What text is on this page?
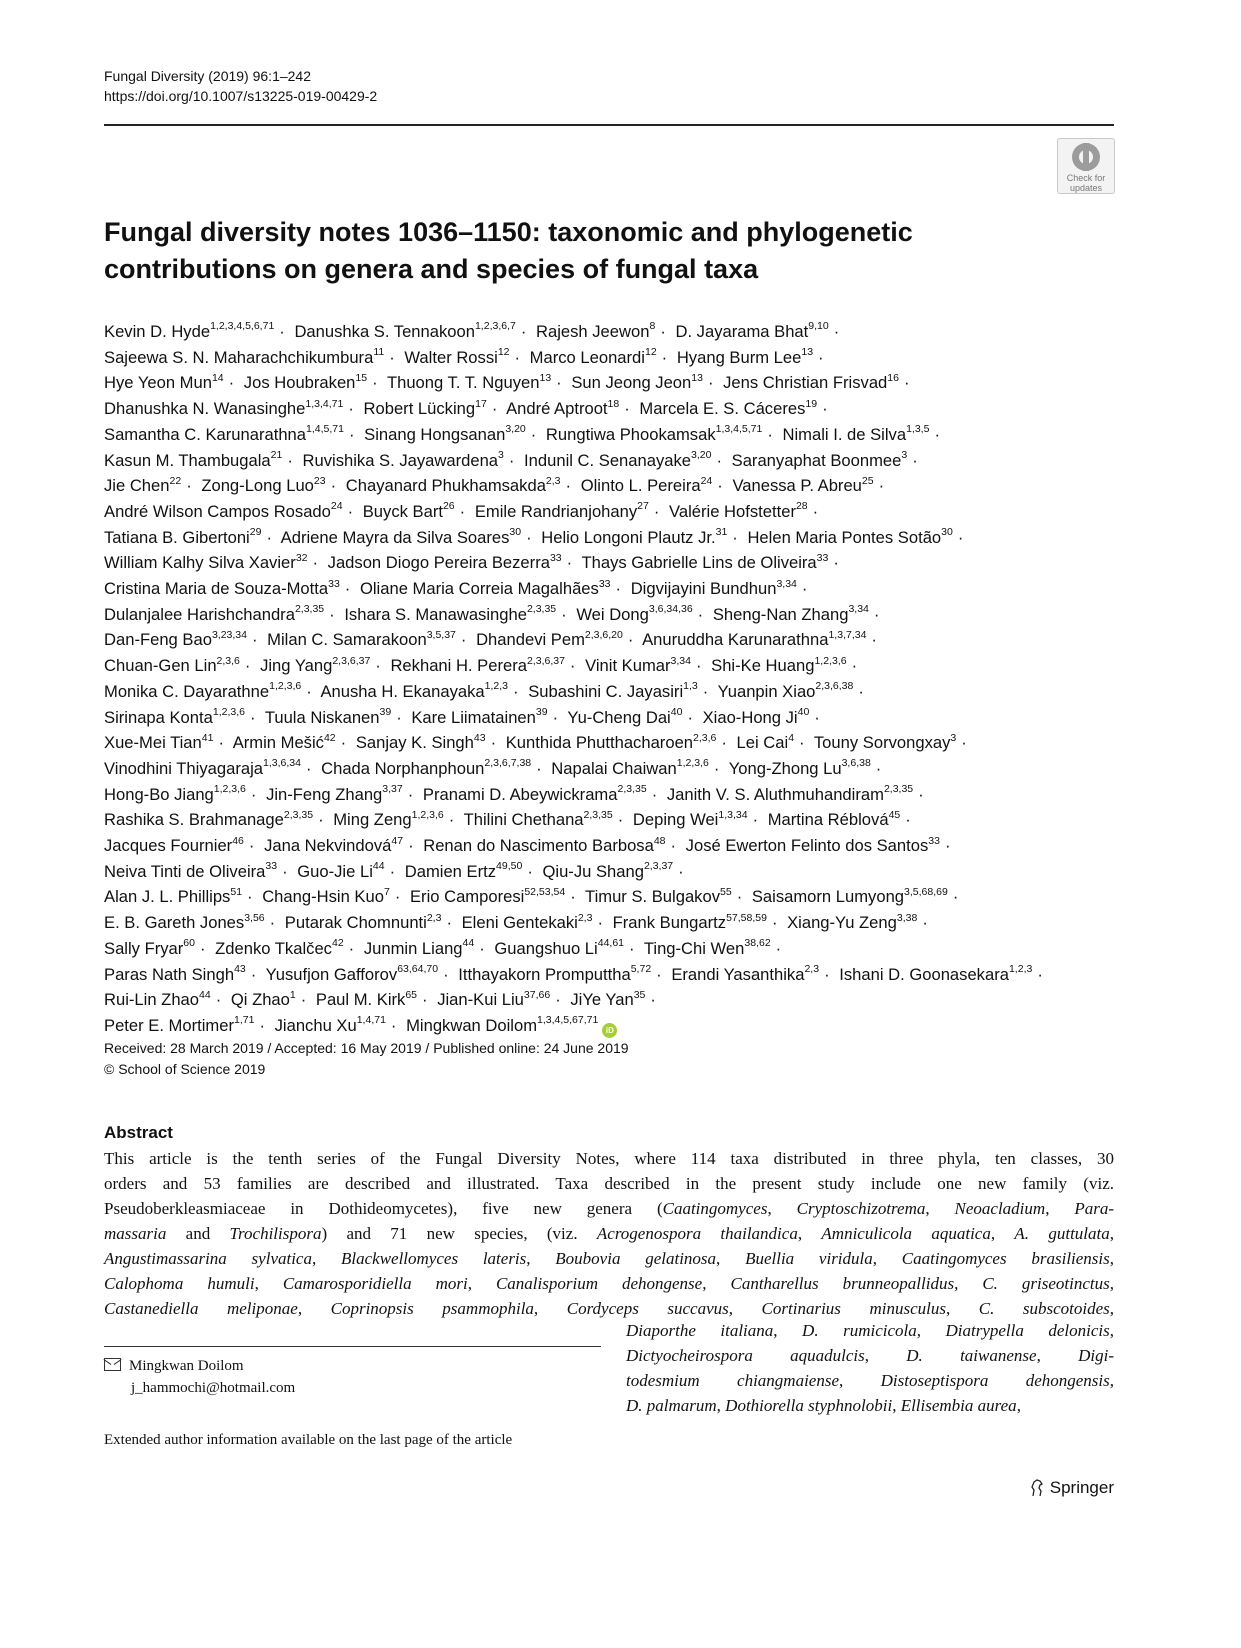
Fungal Diversity (2019) 96:1–242
https://doi.org/10.1007/s13225-019-00429-2
Check for
updates
Fungal diversity notes 1036–1150: taxonomic and phylogenetic
contributions on genera and species of fungal taxa
Kevin D. Hyde$^{1,2,3,4,5,6,71}$ · Danushka S. Tennakoon$^{1,2,3,6,7}$ · Rajesh Jeewon$^8$ · D. Jayarama Bhat$^{9,10}$ ·
Sajeewa S. N. Maharachchikumbura$^{11}$ · Walter Rossi$^{12}$ · Marco Leonardi$^{12}$ · Hyang Burm Lee$^{13}$ ·
Hye Yeon Mun$^{14}$ · Jos Houbraken$^{15}$ · Thuong T. T. Nguyen$^{13}$ · Sun Jeong Jeon$^{13}$ · Jens Christian Frisvad$^{16}$ ·
Dhanushka N. Wanasinghe$^{1,3,4,71}$ · Robert Lücking$^{17}$ · André Aptroot$^{18}$ · Marcela E. S. Cáceres$^{19}$ ·
Samantha C. Karunarathna$^{1,4,5,71}$ · Sinang Hongsanan$^{3,20}$ · Rungtiwa Phookamsak$^{1,3,4,5,71}$ · Nimali I. de Silva$^{1,3,5}$ ·
Kasun M. Thambugala$^{21}$ · Ruvishika S. Jayawardena$^3$ · Indunil C. Senanayake$^{3,20}$ · Saranyaphat Boonmee$^3$ ·
Jie Chen$^{22}$ · Zong-Long Luo$^{23}$ · Chayanard Phukhamsakda$^{2,3}$ · Olinto L. Pereira$^{24}$ · Vanessa P. Abreu$^{25}$ ·
André Wilson Campos Rosado$^{24}$ · Buyck Bart$^{26}$ · Emile Randrianjohany$^{27}$ · Valérie Hofstetter$^{28}$ ·
Tatiana B. Gibertoni$^{29}$ · Adriene Mayra da Silva Soares$^{30}$ · Helio Longoni Plautz Jr.$^{31}$ · Helen Maria Pontes Sotão$^{30}$ ·
William Kalhy Silva Xavier$^{32}$ · Jadson Diogo Pereira Bezerra$^{33}$ · Thays Gabrielle Lins de Oliveira$^{33}$ ·
Cristina Maria de Souza-Motta$^{33}$ · Oliane Maria Correia Magalhães$^{33}$ · Digvijayini Bundhun$^{3,34}$ ·
Dulanjalee Harishchandra$^{2,3,35}$ · Ishara S. Manawasinghe$^{2,3,35}$ · Wei Dong$^{3,6,34,36}$ · Sheng-Nan Zhang$^{3,34}$ ·
Dan-Feng Bao$^{3,23,34}$ · Milan C. Samarakoon$^{3,5,37}$ · Dhandevi Pem$^{2,3,6,20}$ · Anuruddha Karunarathna$^{1,3,7,34}$ ·
Chuan-Gen Lin$^{2,3,6}$ · Jing Yang$^{2,3,6,37}$ · Rekhani H. Perera$^{2,3,6,37}$ · Vinit Kumar$^{3,34}$ · Shi-Ke Huang$^{1,2,3,6}$ ·
Monika C. Dayarathne$^{1,2,3,6}$ · Anusha H. Ekanayaka$^{1,2,3}$ · Subashini C. Jayasiri$^{1,3}$ · Yuanpin Xiao$^{2,3,6,38}$ ·
Sirinapa Konta$^{1,2,3,6}$ · Tuula Niskanen$^{39}$ · Kare Liimatainen$^{39}$ · Yu-Cheng Dai$^{40}$ · Xiao-Hong $Ji^{40}$ ·
Xue-Mei Tian$^{41}$ · Armin Mešić$^{42}$ · Sanjay K. Singh$^{43}$ · Kunthida Phutthacharoen$^{2,3,6}$ · Lei Cai$^4$ · Touny Sorvongxay$^3$ ·
Vinodhini Thiyagaraja$^{1,3,6,34}$ · Chada Norphanphoun$^{2,3,6,7,38}$ · Napalai Chaiwan$^{1,2,3,6}$ · Yong-Zhong Lu$^{3,6,38}$ ·
Hong-Bo Jiang$^{1,2,3,6}$ · Jin-Feng Zhang$^{3,37}$ · Pranami D. Abeywickrama$^{2,3,35}$ · Janith V. S. Aluthmuhandiram$^{2,3,35}$ ·
Rashika S. Brahmanage$^{2,3,35}$ · Ming Zeng$^{1,2,3,6}$ · Thilini Chethana$^{2,3,35}$ · Deping Wei$^{1,3,34}$ · Martina Réblová$^{45}$ ·
Jacques Fournier$^{46}$ · Jana Nekvindová$^{47}$ · Renan do Nascimento Barbosa$^{48}$ · José Ewerton Felinto dos Santos$^{33}$ ·
Neiva Tinti de Oliveira$^{33}$ · Guo-Jie $Li^{44}$ · Damien Ertz$^{49,50}$ · Qiu-Ju Shang$^{2,3,37}$ ·
Alan J. L. Phillips$^{51}$ · Chang-Hsin Kuo$^7$ · Erio Camporesi$^{52,53,54}$ · Timur S. Bulgakov$^{55}$ · Saisamorn Lumyong$^{3,5,68,69}$ ·
E. B. Gareth Jones$^{3,56}$ · Putarak Chomnunti$^{2,3}$ · Eleni Gentekaki$^{2,3}$ · Frank Bungartz$^{57,58,59}$ · Xiang-Yu Zeng$^{3,38}$ ·
Sally Fryar$^{60}$ · Zdenko Tkalčec$^{42}$ · Junmin Liang$^{44}$ · Guangshuo Li$^{44,61}$ · Ting-Chi Wen$^{38,62}$ ·
Paras Nath Singh$^{43}$ · Yusufjon Gafforov$^{63,64,70}$ · Itthayakorn Promputtha$^{5,72}$ · Erandi Yasanthika$^{2,3}$ · Ishani D. Goonasekara$^{1,2,3}$ ·
Rui-Lin Zhao$^{44}$ · Qi Zhao$^1$ · Paul M. Kirk$^{65}$ · Jian-Kui Liu$^{37,66}$ · JiYe Yan$^{35}$ ·
Peter E. Mortimer$^{1,71}$ · Jianchu Xu$^{1,4,71}$ · Mingkwan Doilom$^{1,3,4,5,67,71}$iD
Received: 28 March 2019 / Accepted: 16 May 2019 / Published online: 24 June 2019
© School of Science 2019
Abstract
This article is the tenth series of the Fungal Diversity Notes, where 114 taxa distributed in three phyla, ten classes, 30
orders and 53 families are described and illustrated. Taxa described in the present study include one new family (viz.
Pseudoberkleasmiaceae in Dothideomycetes), five new genera (Caatingomyces, Cryptoschizotrema, Neoacladium, Para-
massaria and Trochilispora) and 71 new species, (viz. Acrogenospora thailandica, Amniculicola aquatica, A. guttulata,
Angustimassarina sylvatica, Blackwellomyces lateris, Boubovia gelatinosa, Buellia viridula, Caatingomyces brasiliensis,
Calophoma humuli, Camarosporidiella mori, Canalisporium dehongense, Cantharellus brunneopallidus, C. griseotinctus,
Castanediella meliponae, Coprinopsis psammophila, Cordyceps succavus, Cortinarius minusculus, C. subscotoides,
Diaporthe italiana, D. rumicicola, Diatrypella delonicis,
Dictyocheirospora aquadulcis, D. taiwanense, Digi-
todesmium chiangmaiense, Distoseptispora dehongensis,
D. palmarum, Dothiorella styphnolobii, Ellisembia aurea,
Mingkwan Doilom
j_hammochi@hotmail.com
Extended author information available on the last page of the article
Springer
